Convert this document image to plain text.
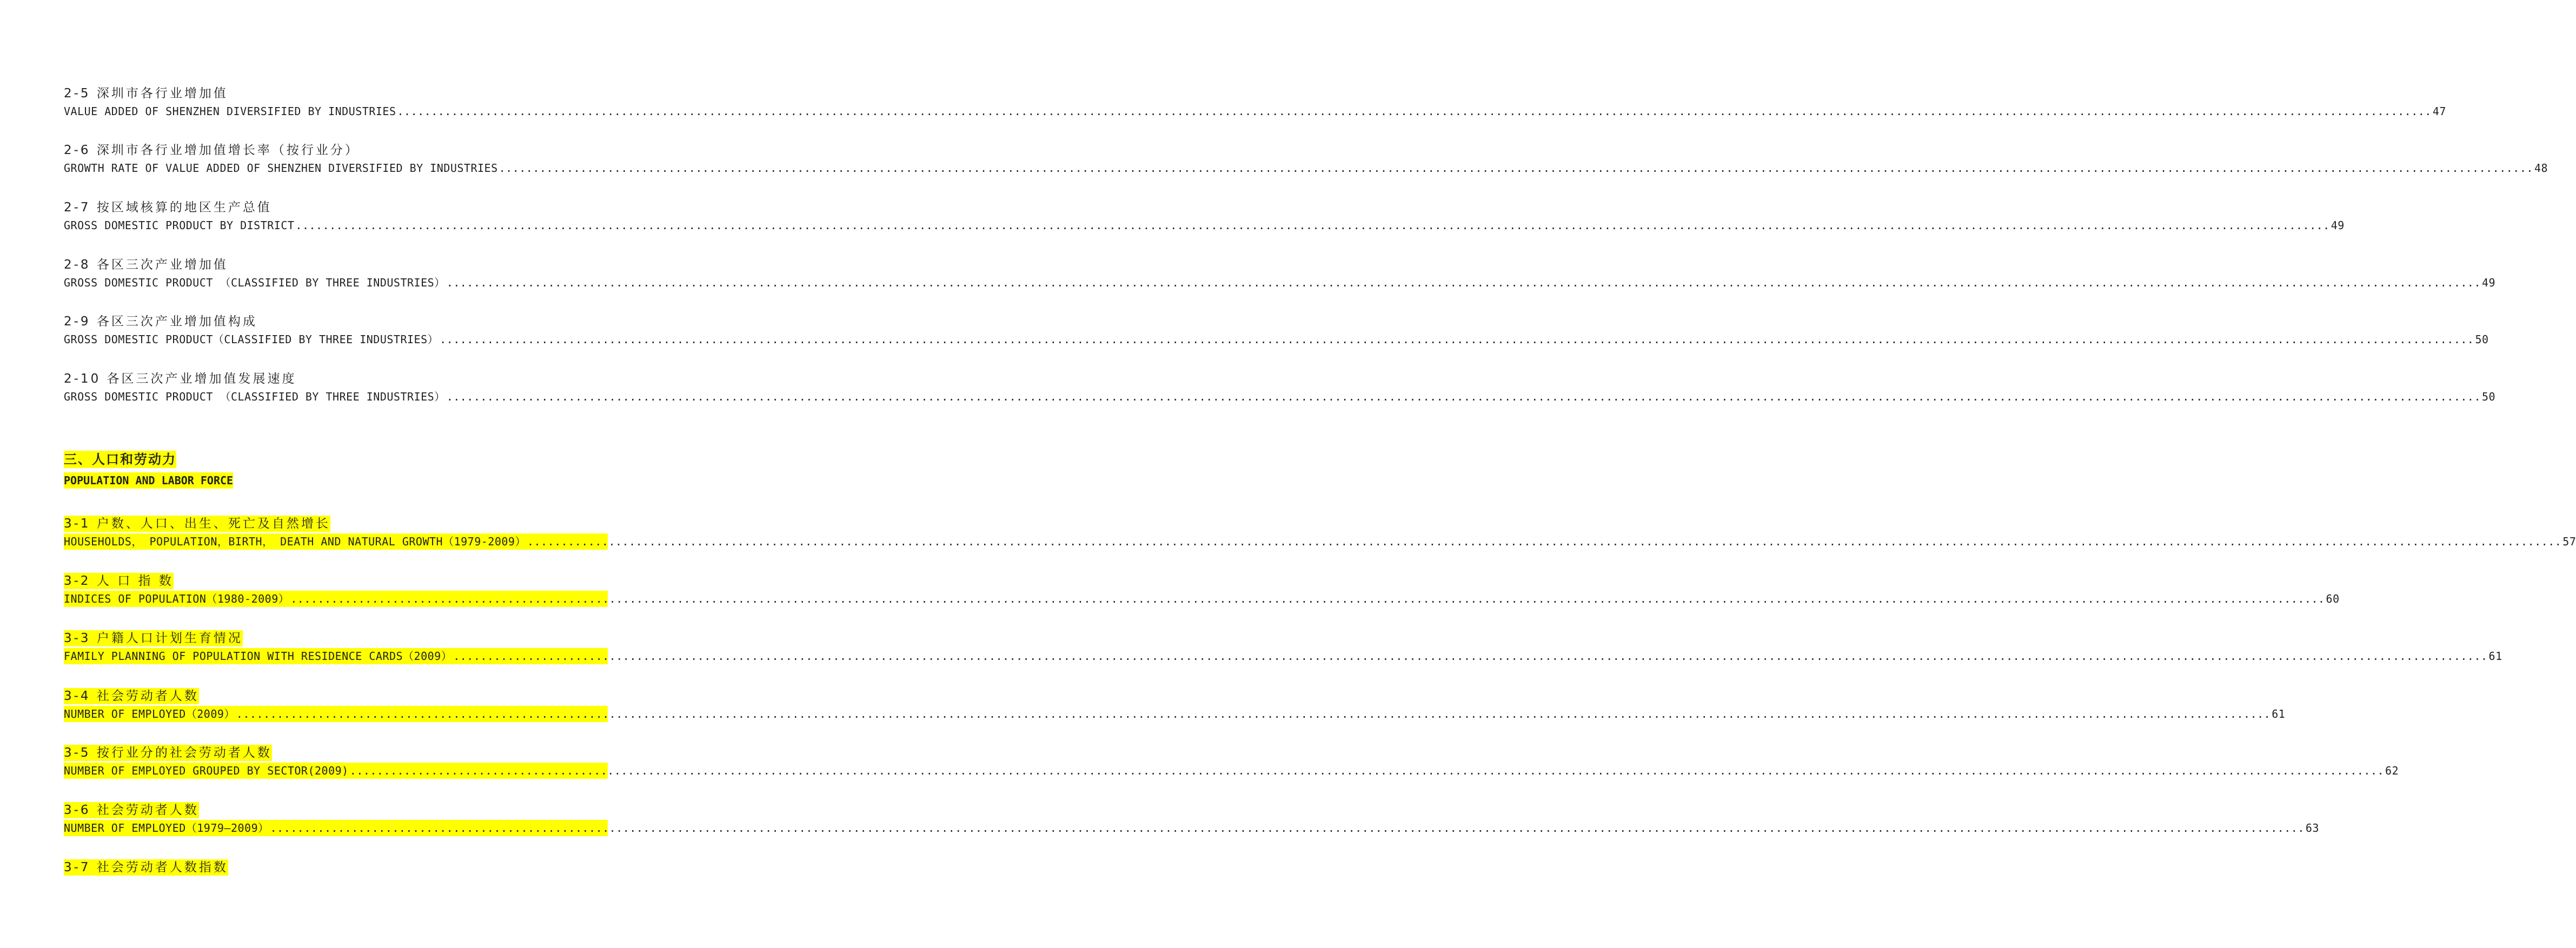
2-5 深圳市各行业增加值
VALUE ADDED OF SHENZHEN DIVERSIFIED BY INDUSTRIES ............................................................................................................................................................................................................................................................................................................ 47
2-6 深圳市各行业增加值增长率（按行业分）
GROWTH RATE OF VALUE ADDED OF SHENZHEN DIVERSIFIED BY INDUSTRIES ............................................................................................................................................................................................................................................................................................................ 48
2-7 按区域核算的地区生产总值
GROSS DOMESTIC PRODUCT BY DISTRICT ............................................................................................................................................................................................................................................................................................................ 49
2-8 各区三次产业增加值
GROSS DOMESTIC PRODUCT （CLASSIFIED BY THREE INDUSTRIES） ............................................................................................................................................................................................................................................................................................................ 49
2-9 各区三次产业增加值构成
GROSS DOMESTIC PRODUCT（CLASSIFIED BY THREE INDUSTRIES） ............................................................................................................................................................................................................................................................................................................ 50
2-10 各区三次产业增加值发展速度
GROSS DOMESTIC PRODUCT （CLASSIFIED BY THREE INDUSTRIES） ............................................................................................................................................................................................................................................................................................................ 50
三、人口和劳动力
POPULATION AND LABOR FORCE
3-1 户数、人口、出生、死亡及自然增长
HOUSEHOLDS， POPULATION，BIRTH， DEATH AND NATURAL GROWTH（1979-2009） ............................................................................................................................................................................................................................................................................................................ 57
3-2 人 口 指 数
INDICES OF POPULATION（1980-2009） ............................................................................................................................................................................................................................................................................................................ 60
3-3 户籍人口计划生育情况
FAMILY PLANNING OF POPULATION WITH RESIDENCE CARDS（2009） ............................................................................................................................................................................................................................................................................................................ 61
3-4 社会劳动者人数
NUMBER OF EMPLOYED（2009） ............................................................................................................................................................................................................................................................................................................ 61
3-5 按行业分的社会劳动者人数
NUMBER OF EMPLOYED GROUPED BY SECTOR(2009) ............................................................................................................................................................................................................................................................................................................ 62
3-6 社会劳动者人数
NUMBER OF EMPLOYED（1979—2009） ............................................................................................................................................................................................................................................................................................................ 63
3-7 社会劳动者人数指数
